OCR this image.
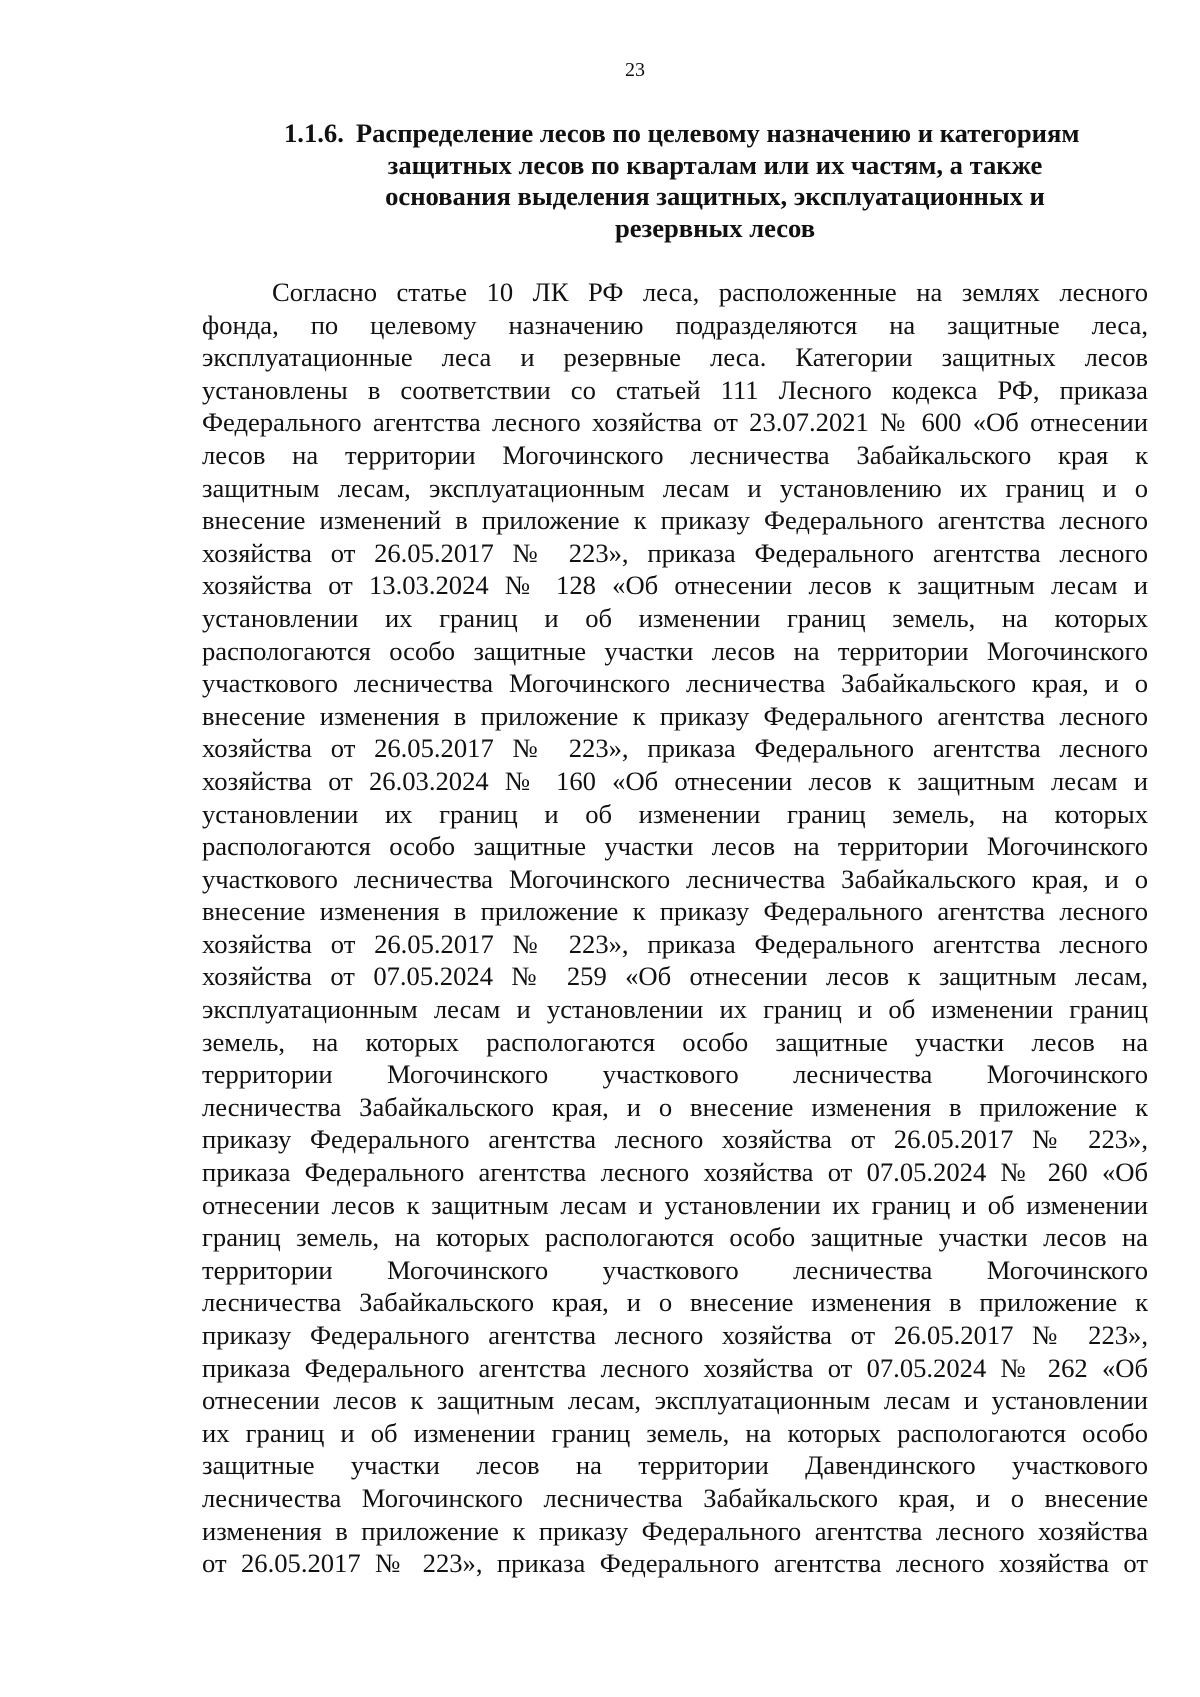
23
1.1.6. Распределение лесов по целевому назначению и категориям
защитных лесов по кварталам или их частям, а также
основания выделения защитных, эксплуатационных и
резервных лесов
Согласно статье 10 ЛК РФ леса, расположенные на землях лесного
фонда, по целевому назначению подразделяются на защитные леса,
эксплуатационные леса и резервные леса. Категории защитных лесов
установлены в соответствии со статьей 111 Лесного кодекса РФ, приказа
Федерального агентства лесного хозяйства от 23.07.2021 № 600 «Об отнесении
лесов на территории Могочинского лесничества Забайкальского края к
защитным лесам, эксплуатационным лесам и установлению их границ и о
внесение изменений в приложение к приказу Федерального агентства лесного
хозяйства от 26.05.2017 № 223», приказа Федерального агентства лесного
хозяйства от 13.03.2024 № 128 «Об отнесении лесов к защитным лесам и
установлении их границ и об изменении границ земель, на которых
распологаются особо защитные участки лесов на территории Могочинского
участкового лесничества Могочинского лесничества Забайкальского края, и о
внесение изменения в приложение к приказу Федерального агентства лесного
хозяйства от 26.05.2017 № 223», приказа Федерального агентства лесного
хозяйства от 26.03.2024 № 160 «Об отнесении лесов к защитным лесам и
установлении их границ и об изменении границ земель, на которых
распологаются особо защитные участки лесов на территории Могочинского
участкового лесничества Могочинского лесничества Забайкальского края, и о
внесение изменения в приложение к приказу Федерального агентства лесного
хозяйства от 26.05.2017 № 223», приказа Федерального агентства лесного
хозяйства от 07.05.2024 № 259 «Об отнесении лесов к защитным лесам,
эксплуатационным лесам и установлении их границ и об изменении границ
земель, на которых распологаются особо защитные участки лесов на
территории Могочинского участкового лесничества Могочинского
лесничества Забайкальского края, и о внесение изменения в приложение к
приказу Федерального агентства лесного хозяйства от 26.05.2017 № 223»,
приказа Федерального агентства лесного хозяйства от 07.05.2024 № 260 «Об
отнесении лесов к защитным лесам и установлении их границ и об изменении
границ земель, на которых распологаются особо защитные участки лесов на
территории Могочинского участкового лесничества Могочинского
лесничества Забайкальского края, и о внесение изменения в приложение к
приказу Федерального агентства лесного хозяйства от 26.05.2017 № 223»,
приказа Федерального агентства лесного хозяйства от 07.05.2024 № 262 «Об
отнесении лесов к защитным лесам, эксплуатационным лесам и установлении
их границ и об изменении границ земель, на которых распологаются особо
защитные участки лесов на территории Давендинского участкового
лесничества Могочинского лесничества Забайкальского края, и о внесение
изменения в приложение к приказу Федерального агентства лесного хозяйства
от 26.05.2017 № 223», приказа Федерального агентства лесного хозяйства от
